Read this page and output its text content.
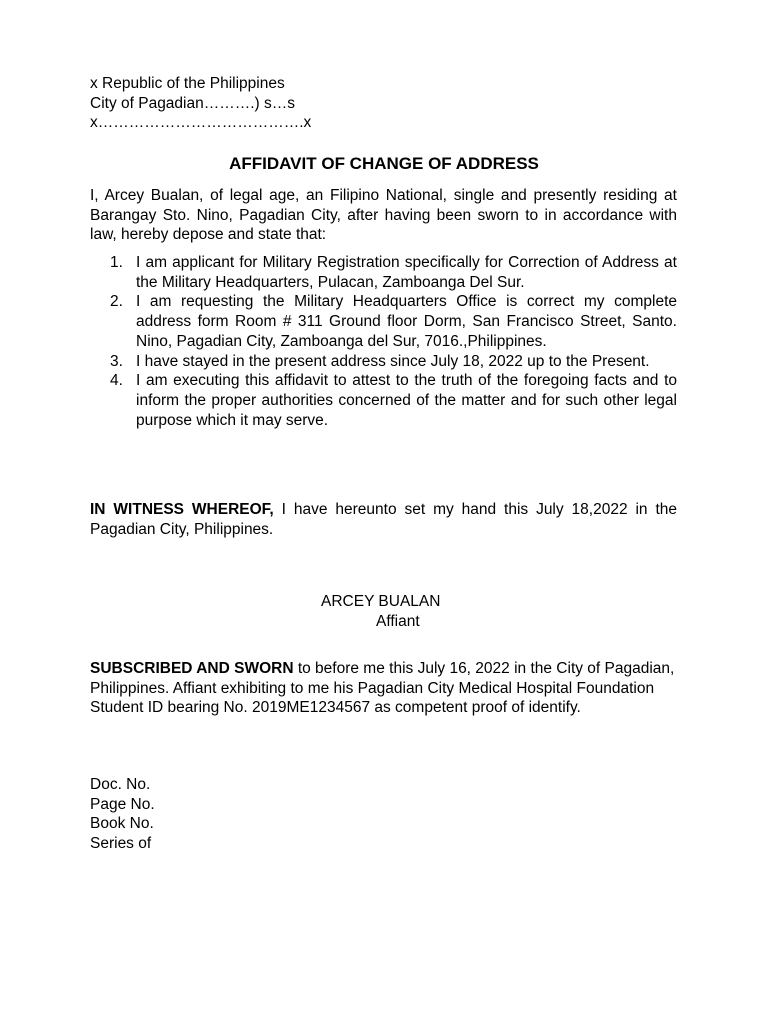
x Republic of the Philippines
City of Pagadian……….) s…s
x………………………………….x
AFFIDAVIT OF CHANGE OF ADDRESS

I, Arcey Bualan, of legal age, an Filipino National, single and presently residing at Barangay Sto. Nino, Pagadian City, after having been sworn to in accordance with law, hereby depose and state that:

1. I am applicant for Military Registration specifically for Correction of Address at the Military Headquarters, Pulacan, Zamboanga Del Sur.
2. I am requesting the Military Headquarters Office is correct my complete address form Room # 311 Ground floor Dorm, San Francisco Street, Santo. Nino, Pagadian City, Zamboanga del Sur, 7016.,Philippines.
3. I have stayed in the present address since July 18, 2022 up to the Present.
4. I am executing this affidavit to attest to the truth of the foregoing facts and to inform the proper authorities concerned of the matter and for such other legal purpose which it may serve.

IN WITNESS WHEREOF, I have hereunto set my hand this July 18,2022 in the Pagadian City, Philippines.

ARCEY BUALAN
Affiant

SUBSCRIBED AND SWORN to before me this July 16, 2022 in the City of Pagadian, Philippines. Affiant exhibiting to me his Pagadian City Medical Hospital Foundation Student ID bearing No. 2019ME1234567 as competent proof of identify.

Doc. No.
Page No.
Book No.
Series of
